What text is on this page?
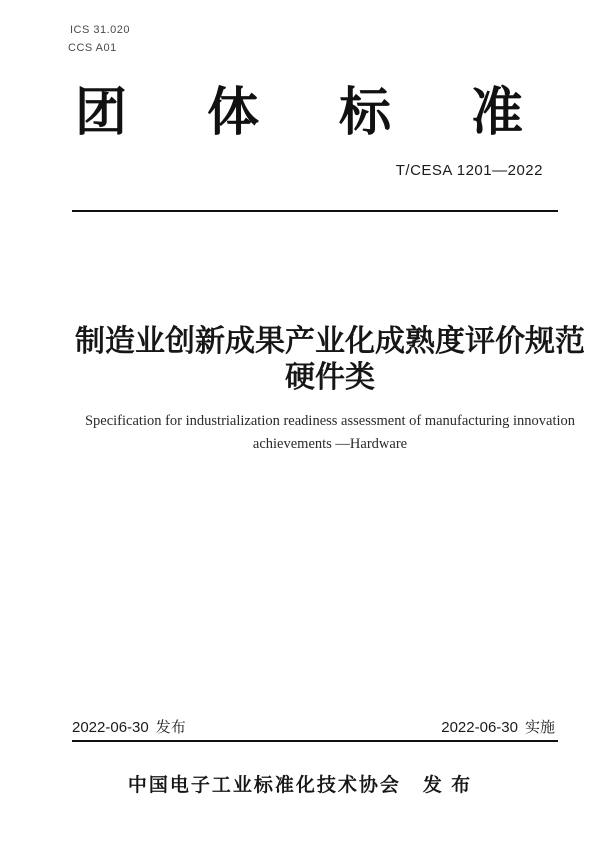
ICS 31.020
CCS A01
团 体 标 准
T/CESA 1201—2022
制造业创新成果产业化成熟度评价规范
硬件类
Specification for industrialization readiness assessment of manufacturing innovation
achievements —Hardware
2022-06-30 发布	2022-06-30 实施
中国电子工业标准化技术协会 发 布
